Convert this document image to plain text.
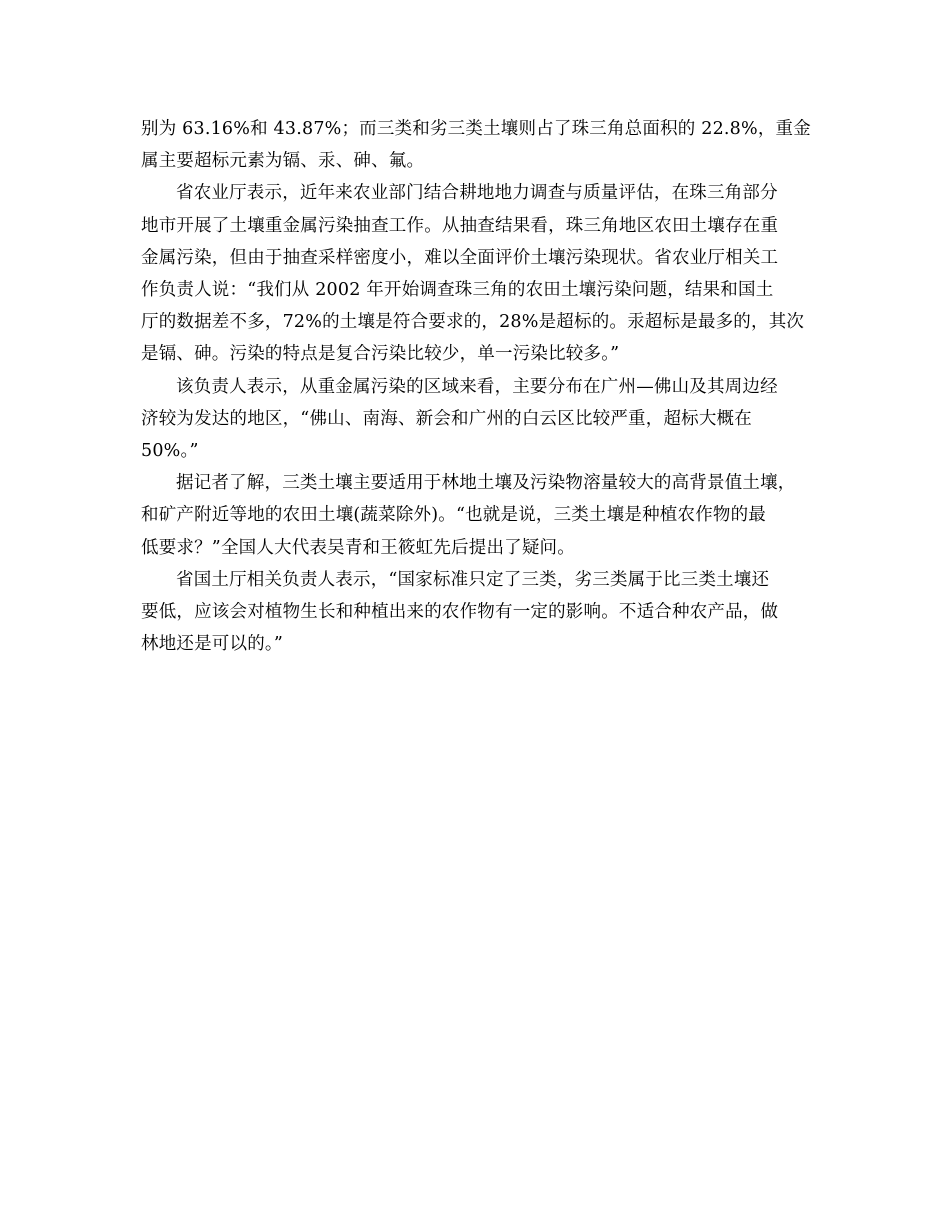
别为 63.16%和 43.87%；而三类和劣三类土壤则占了珠三角总面积的 22.8%，重金
属主要超标元素为镉、汞、砷、氟。

省农业厅表示，近年来农业部门结合耕地地力调查与质量评估，在珠三角部分
地市开展了土壤重金属污染抽查工作。从抽查结果看，珠三角地区农田土壤存在重
金属污染，但由于抽查采样密度小，难以全面评价土壤污染现状。省农业厅相关工
作负责人说：“我们从 2002 年开始调查珠三角的农田土壤污染问题，结果和国土
厅的数据差不多，72%的土壤是符合要求的，28%是超标的。汞超标是最多的，其次
是镉、砷。污染的特点是复合污染比较少，单一污染比较多。”

该负责人表示，从重金属污染的区域来看，主要分布在广州—佛山及其周边经
济较为发达的地区，“佛山、南海、新会和广州的白云区比较严重，超标大概在
50%。”

据记者了解，三类土壤主要适用于林地土壤及污染物溶量较大的高背景值土壤，
和矿产附近等地的农田土壤(蔬菜除外)。“也就是说，三类土壤是种植农作物的最
低要求？”全国人大代表吴青和王筱虹先后提出了疑问。

省国土厅相关负责人表示，“国家标准只定了三类，劣三类属于比三类土壤还
要低，应该会对植物生长和种植出来的农作物有一定的影响。不适合种农产品，做
林地还是可以的。”
